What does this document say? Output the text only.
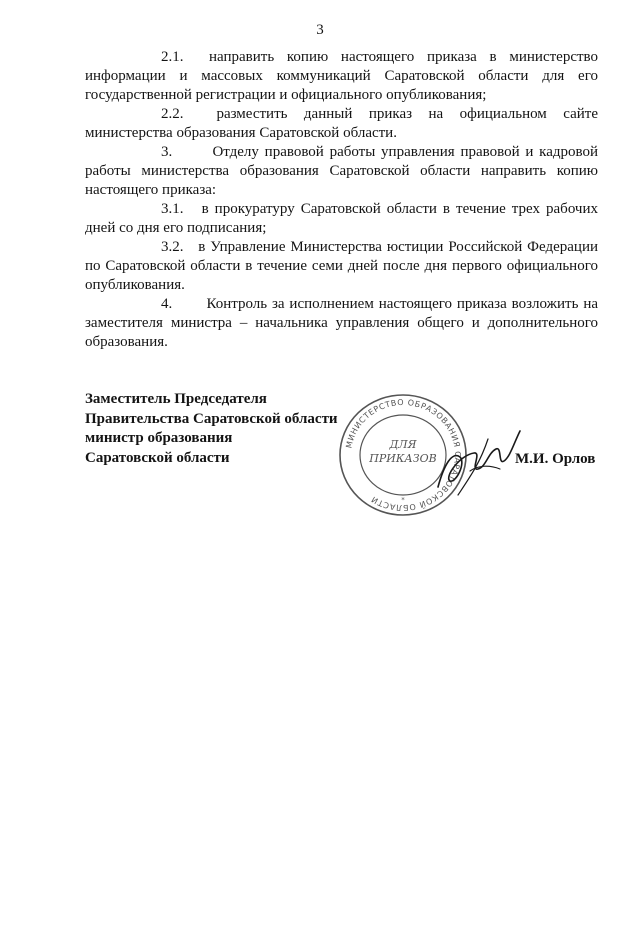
3

2.1. направить копию настоящего приказа в министерство информации и массовых коммуникаций Саратовской области для его государственной регистрации и официального опубликования;

2.2. разместить данный приказ на официальном сайте министерства образования Саратовской области.

3.	Отделу правовой работы управления правовой и кадровой работы министерства образования Саратовской области направить копию настоящего приказа:

3.1. в прокуратуру Саратовской области в течение трех рабочих дней со дня его подписания;

3.2. в Управление Министерства юстиции Российской Федерации по Саратовской области в течение семи дней после дня первого официального опубликования.

4. Контроль за исполнением настоящего приказа возложить на заместителя министра – начальника управления общего и дополнительного образования.

Заместитель Председателя
Правительства Саратовской области
министр образования
Саратовской области
МИНИСТЕРСТВО ОБРАЗОВАНИЯ САРАТОВСКОЙ ОБЛАСТИ
ДЛЯ
ПРИКАЗОВ
*
М.И. Орлов
